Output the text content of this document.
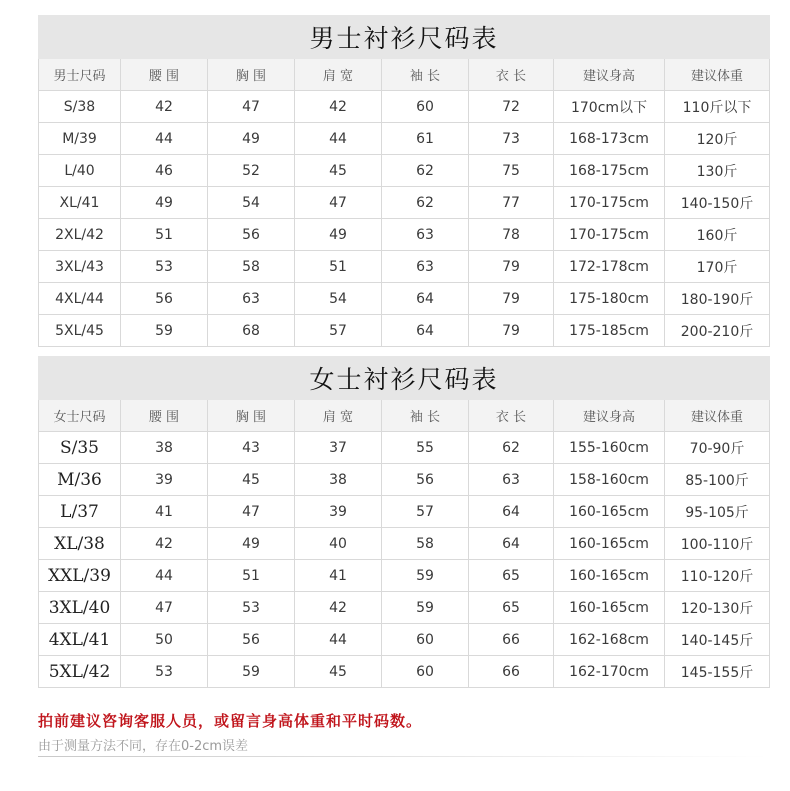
男士衬衫尺码表							
男士尺码	腰 围	胸 围	肩 宽	袖 长	衣 长	建议身高	建议体重
S/38	42	47	42	60	72	170cm以下	110斤以下
M/39	44	49	44	61	73	168-173cm	120斤
L/40	46	52	45	62	75	168-175cm	130斤
XL/41	49	54	47	62	77	170-175cm	140-150斤
2XL/42	51	56	49	63	78	170-175cm	160斤
3XL/43	53	58	51	63	79	172-178cm	170斤
4XL/44	56	63	54	64	79	175-180cm	180-190斤
5XL/45	59	68	57	64	79	175-185cm	200-210斤
女士衬衫尺码表							
女士尺码	腰 围	胸 围	肩 宽	袖 长	衣 长	建议身高	建议体重
S/35	38	43	37	55	62	155-160cm	70-90斤
M/36	39	45	38	56	63	158-160cm	85-100斤
L/37	41	47	39	57	64	160-165cm	95-105斤
XL/38	42	49	40	58	64	160-165cm	100-110斤
XXL/39	44	51	41	59	65	160-165cm	110-120斤
3XL/40	47	53	42	59	65	160-165cm	120-130斤
4XL/41	50	56	44	60	66	162-168cm	140-145斤
5XL/42	53	59	45	60	66	162-170cm	145-155斤
拍前建议咨询客服人员，或留言身高体重和平时码数。
由于测量方法不同，存在0-2cm误差
